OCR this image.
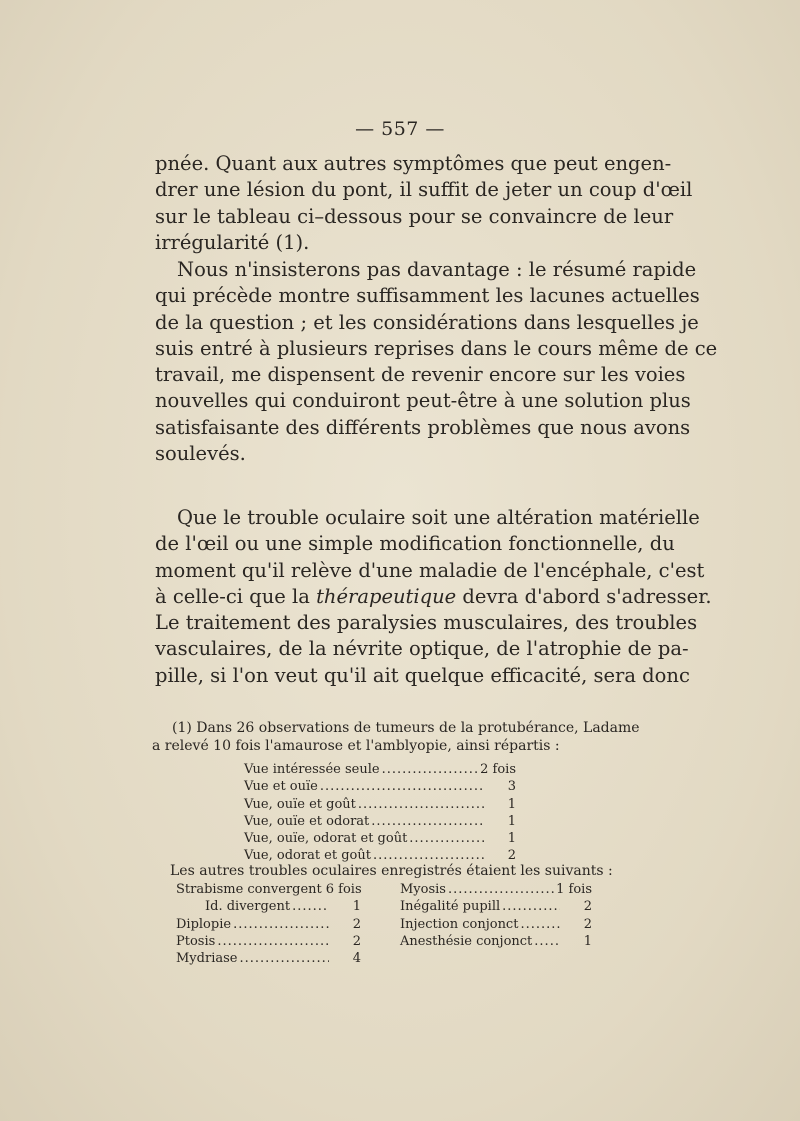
— 557 —
pnée. Quant aux autres symptômes que peut engen-
drer une lésion du pont, il suffit de jeter un coup d'œil
sur le tableau ci–dessous pour se convaincre de leur
irrégularité (1).
Nous n'insisterons pas davantage : le résumé rapide
qui précède montre suffisamment les lacunes actuelles
de la question ; et les considérations dans lesquelles je
suis entré à plusieurs reprises dans le cours même de ce
travail, me dispensent de revenir encore sur les voies
nouvelles qui conduiront peut-être à une solution plus
satisfaisante des différents problèmes que nous avons
soulevés.
Que le trouble oculaire soit une altération matérielle
de l'œil ou une simple modification fonctionnelle, du
moment qu'il relève d'une maladie de l'encéphale, c'est
à celle-ci que la thérapeutique devra d'abord s'adresser.
Le traitement des paralysies musculaires, des troubles
vasculaires, de la névrite optique, de l'atrophie de pa-
pille, si l'on veut qu'il ait quelque efficacité, sera donc
(1) Dans 26 observations de tumeurs de la protubérance, Ladame
a relevé 10 fois l'amaurose et l'amblyopie, ainsi répartis :
Vue intéressée seule .....	2 fois
Vue et ouïe .....	3
Vue, ouïe et goût .....	1
Vue, ouïe et odorat .....	1
Vue, ouïe, odorat et goût .....	1
Vue, odorat et goût .....	2
Les autres troubles oculaires enregistrés étaient les suivants :
Strabisme convergent 6 fois
Id. divergent .....	1
Diplopie .....	2
Ptosis .....	2
Mydriase .....	4
Myosis .....	1 fois
Inégalité pupill .....	2
Injection conjonct .....	2
Anesthésie conjonct .....	1
